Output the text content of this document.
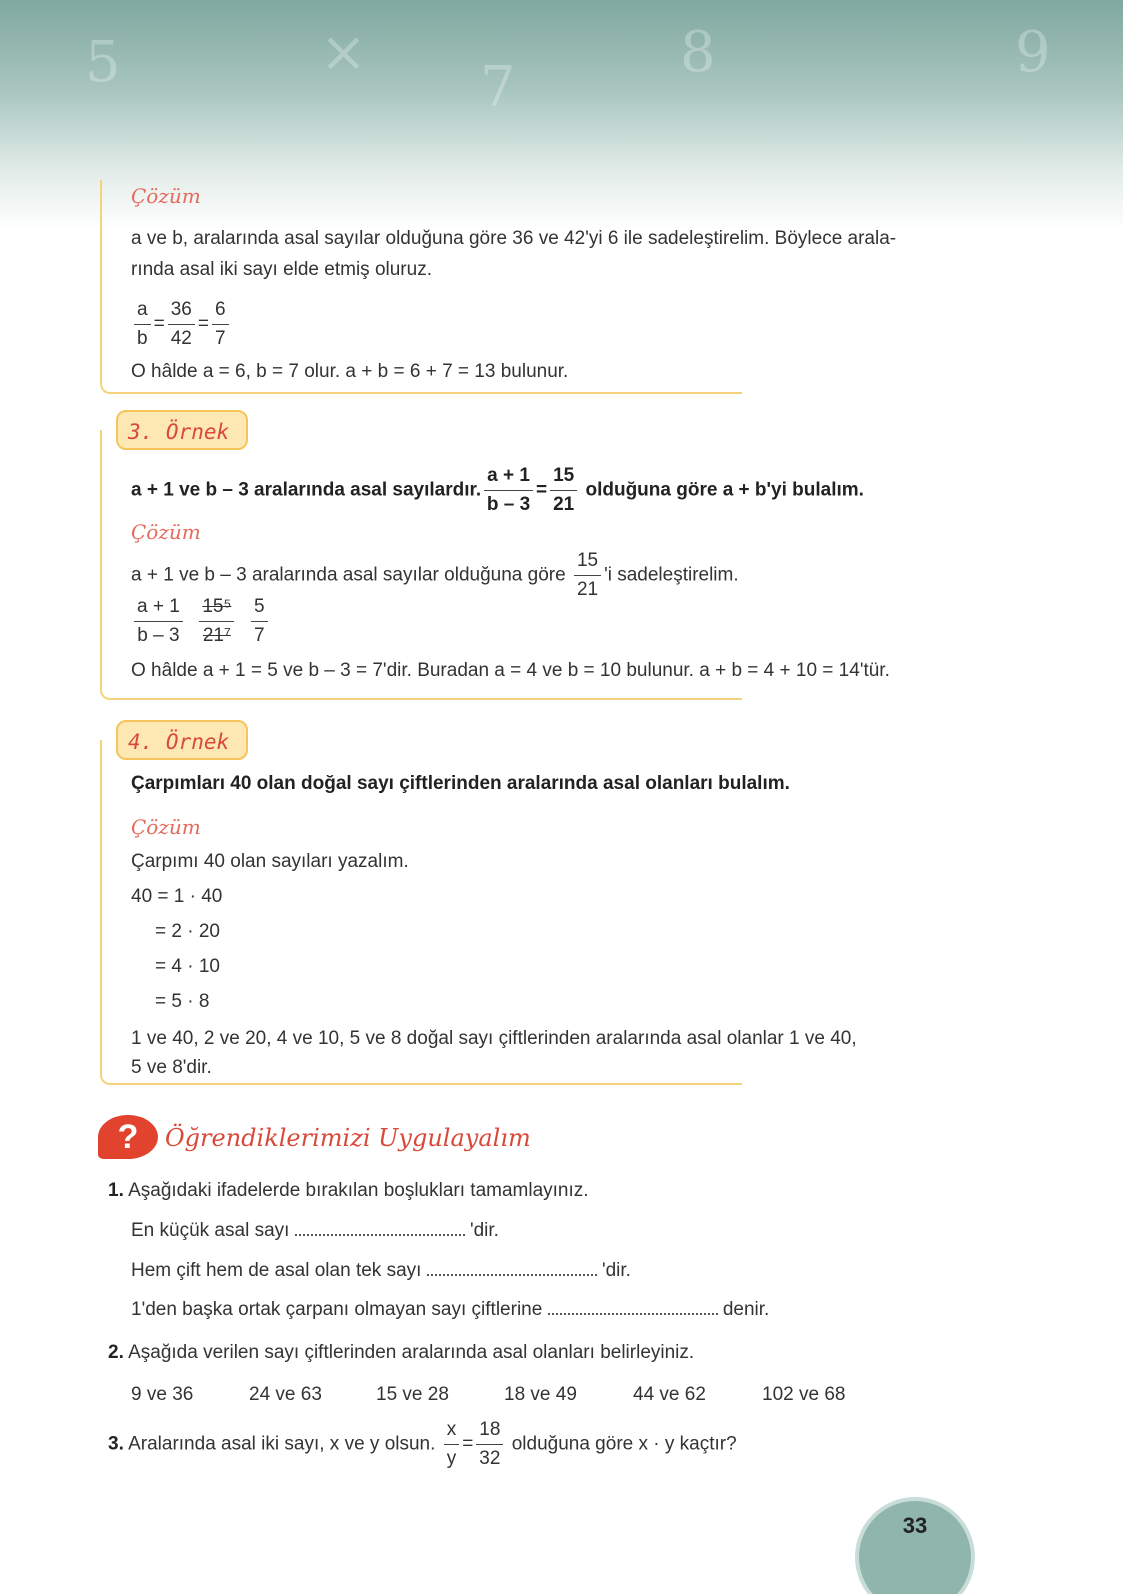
5	×
7
8	9
Çözüm
a ve b, aralarında asal sayılar olduğuna göre 36 ve 42'yi 6 ile sadeleştirelim. Böylece arala-
rında asal iki sayı elde etmiş oluruz.
$\frac{a}{b} = \frac{36}{42} = \frac{6}{7}$
O hâlde a = 6, b = 7 olur. a + b = 6 + 7 = 13 bulunur.
3. Örnek
a + 1 ve b – 3 aralarında asal sayılardır. $\frac{a + 1}{b - 3} = \frac{15}{21}$ olduğuna göre a + b'yi bulalım.
Çözüm
a + 1 ve b – 3 aralarında asal sayılar olduğuna göre $\frac{15}{21}$ 'i sadeleştirelim.
$\frac{a + 1}{b - 3}$
$\frac{\text{15⁵}}{\text{21⁷}}$
$\frac{5}{7}$
O hâlde a + 1 = 5 ve b – 3 = 7'dir. Buradan a = 4 ve b = 10 bulunur. a + b = 4 + 10 = 14'tür.
4. Örnek
Çarpımları 40 olan doğal sayı çiftlerinden aralarında asal olanları bulalım.
Çözüm
Çarpımı 40 olan sayıları yazalım.
40 = 1 · 40
= 2 · 20
= 4 · 10
= 5 · 8
1 ve 40, 2 ve 20, 4 ve 10, 5 ve 8 doğal sayı çiftlerinden aralarında asal olanlar 1 ve 40,
5 ve 8'dir.
?	Öğrendiklerimizi Uygulayalım
1. Aşağıdaki ifadelerde bırakılan boşlukları tamamlayınız.
En küçük asal sayı	'dir.
Hem çift hem de asal olan tek sayı	'dir.
1'den başka ortak çarpanı olmayan sayı çiftlerine	denir.
2. Aşağıda verilen sayı çiftlerinden aralarında asal olanları belirleyiniz.
9 ve 36	24 ve 63	15 ve 28	18 ve 49	44 ve 62	102 ve 68
3. Aralarında asal iki sayı, x ve y olsun. $\frac{x}{y} = \frac{18}{32}$ olduğuna göre x · y kaçtır?
33
